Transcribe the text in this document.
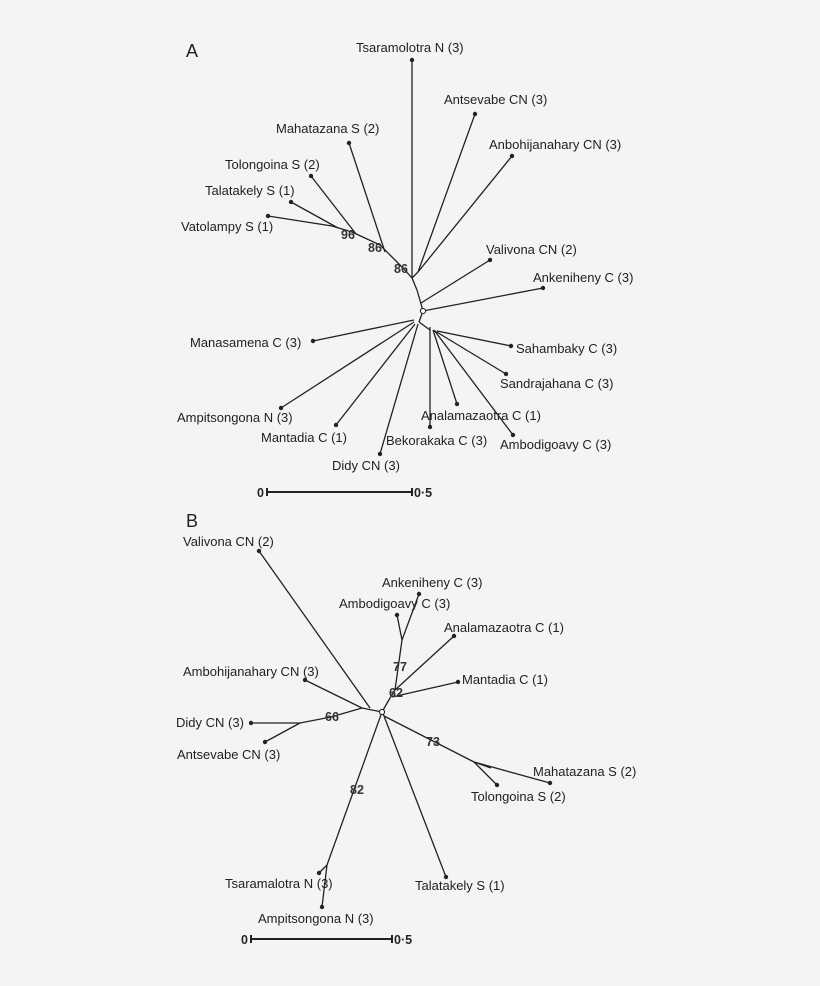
A	Tsaramolotra N (3)
Antsevabe CN (3)
Anbohijanahary CN (3)
Mahatazana S (2)
Tolongoina S (2)
Talatakely S (1)
Vatolampy S (1)
Valivona CN (2)
Ankeniheny C (3)
Manasamena C (3)
Ampitsongona N (3)
Mantadia C (1)
Didy CN (3)
Bekorakaka C (3)
Analamazaotra C (1)
Ambodigoavy C (3)
Sandrajahana C (3)
Sahambaky C (3)
96
86
86
0	0·5
B
Valivona CN (2)
Ankeniheny C (3)
Ambodigoavy C (3)
Analamazaotra C (1)
Mantadia C (1)
Ambohijanahary CN (3)
Didy CN (3)
Antsevabe CN (3)
Mahatazana S (2)
Tolongoina S (2)
Talatakely S (1)
Tsaramalotra N (3)
Ampitsongona N (3)
77
62
66
73
82
0	0·5
